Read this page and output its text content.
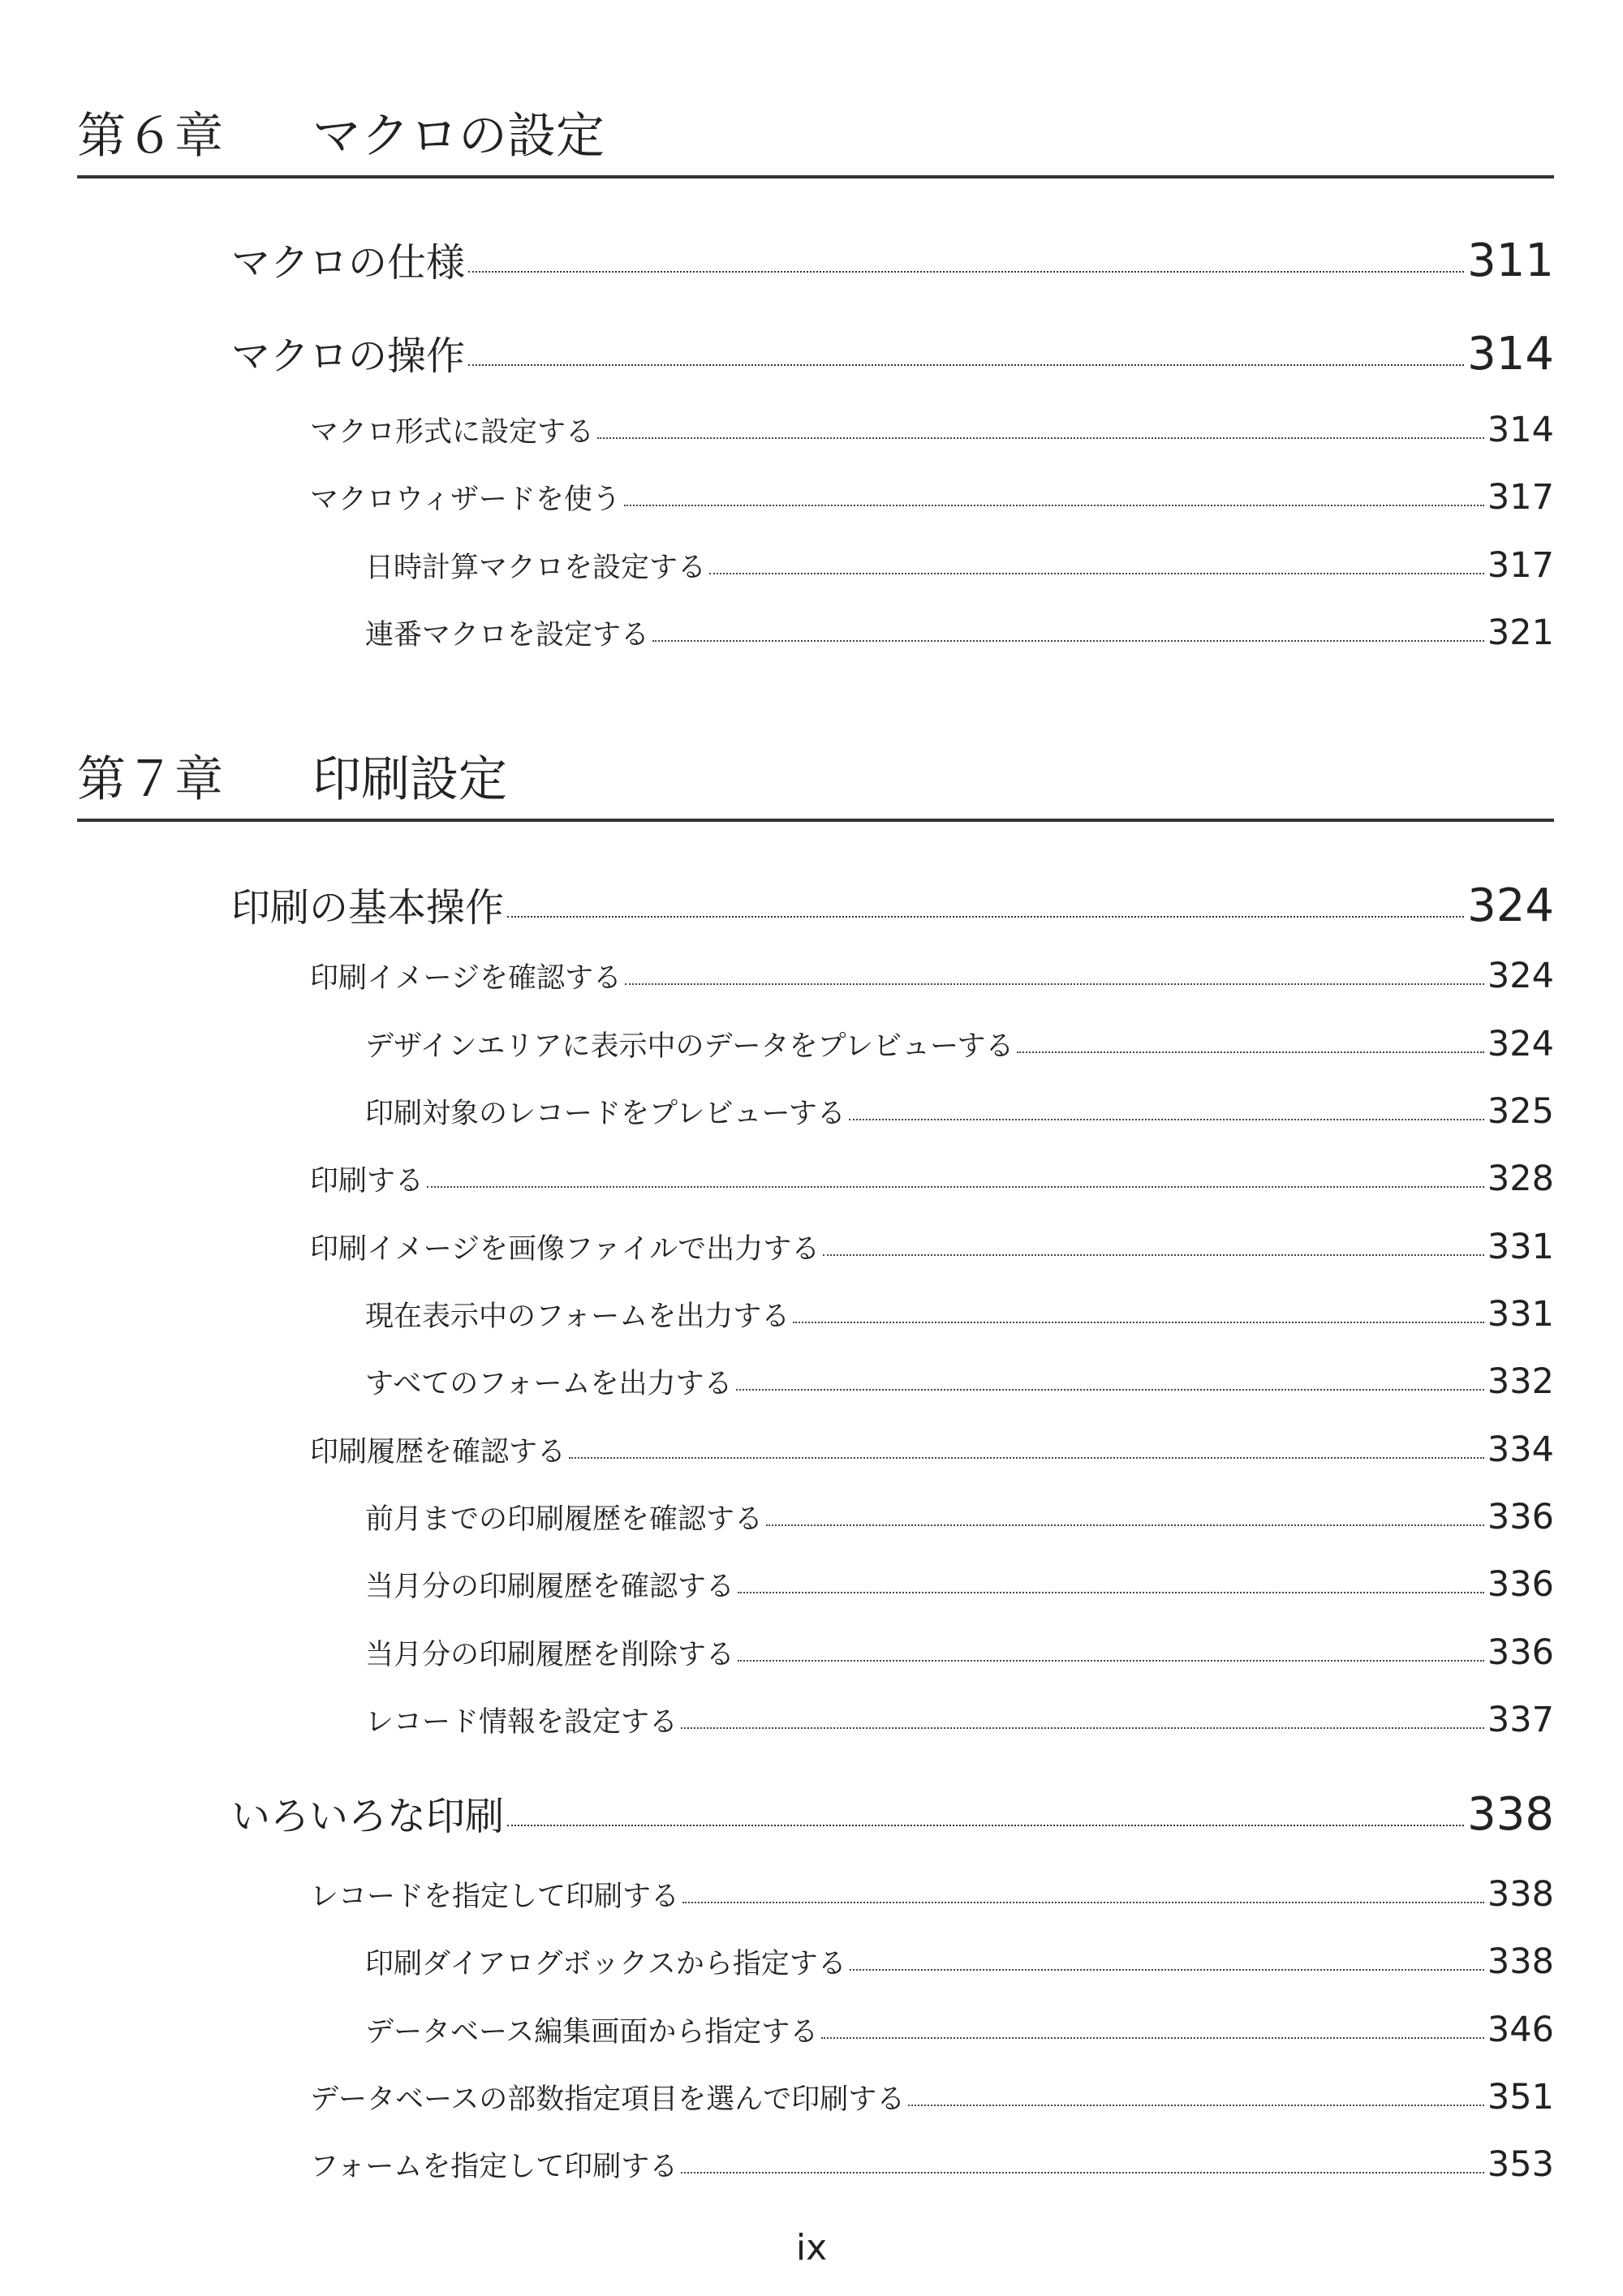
第６章 マクロの設定
第７章 印刷設定
マクロの仕様	311
マクロの操作	314
マクロ形式に設定する	314
マクロウィザードを使う	317
日時計算マクロを設定する	317
連番マクロを設定する	321
印刷の基本操作	324
印刷イメージを確認する	324
デザインエリアに表示中のデータをプレビューする	324
印刷対象のレコードをプレビューする	325
印刷する	328
印刷イメージを画像ファイルで出力する	331
現在表示中のフォームを出力する	331
すべてのフォームを出力する	332
印刷履歴を確認する	334
前月までの印刷履歴を確認する	336
当月分の印刷履歴を確認する	336
当月分の印刷履歴を削除する	336
レコード情報を設定する	337
いろいろな印刷	338
レコードを指定して印刷する	338
印刷ダイアログボックスから指定する	338
データベース編集画面から指定する	346
データベースの部数指定項目を選んで印刷する	351
フォームを指定して印刷する	353
ix
